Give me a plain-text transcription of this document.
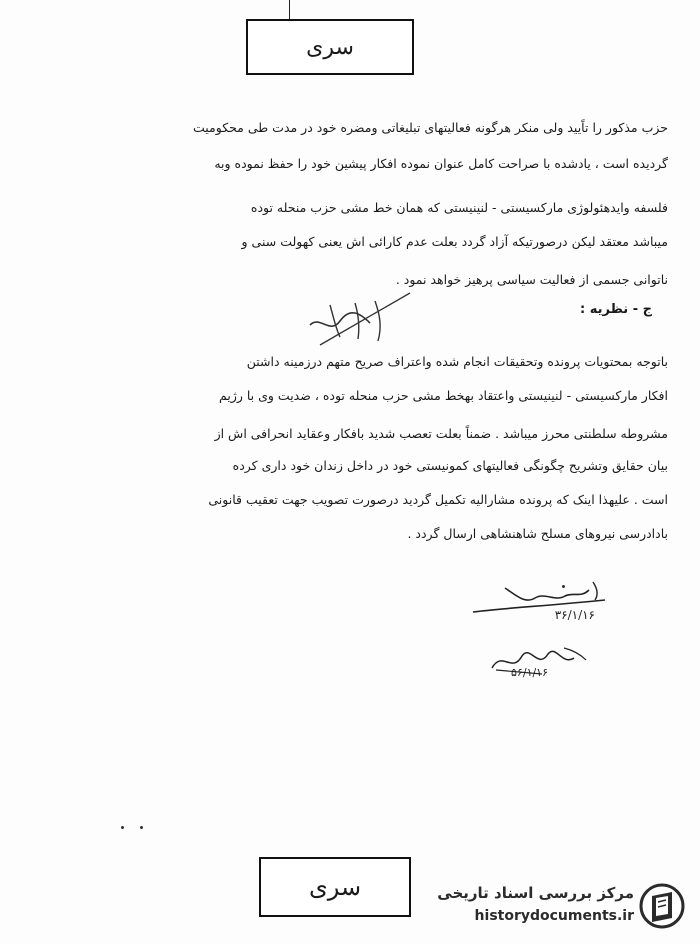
سری
حزب مذکور را تاًیید ولی منکر هرگونه فعالیتهای تبلیغاتی ومضره خود در مدت طی محکومیت
گردیده است ، یادشده با صراحت کامل عنوان نموده افکار پیشین خود را حفظ نموده وبه
فلسفه وایدهئولوژی مارکسیستی - لنینیستی که همان خط مشی حزب منحله توده
میباشد معتقد لیکن درصورتیکه آزاد گردد بعلت عدم کارائی اش یعنی کهولت سنی و
ناتوانی جسمی از فعالیت سیاسی پرهیز خواهد نمود .
ج - نظریه :
باتوجه بمحتویات پرونده وتحقیقات انجام شده واعتراف صریح متهم درزمینه داشتن
افکار مارکسیستی - لنینیستی واعتقاد بهخط مشی حزب منحله توده ، ضدیت وی با رژیم
مشروطه سلطنتی محرز میباشد . ضمناً بعلت تعصب شدید بافکار وعقاید انحرافی اش از
بیان حقایق وتشریح چگونگی فعالیتهای کمونیستی خود در داخل زندان خود داری کرده
است . علیهذا اینک که پرونده مشارالیه تکمیل گردید درصورت تصویب جهت تعقیب قانونی
بادادرسی نیروهای مسلح شاهنشاهی ارسال گردد .
۳۶/۱/۱۶
۵۶/۱/۱۶
سری	مرکز بررسی اسناد تاریخی
historydocuments.ir
